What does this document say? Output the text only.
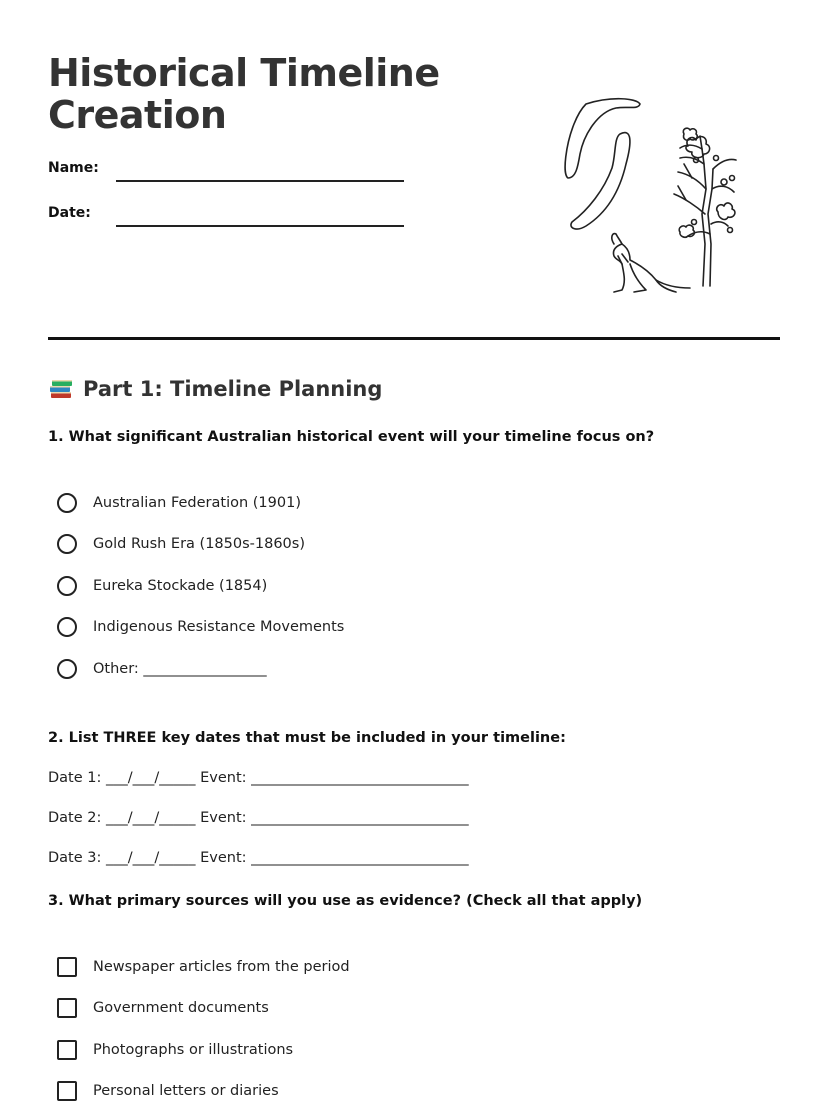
Historical Timeline Creation
Name:
Date:
Part 1: Timeline Planning
1. What significant Australian historical event will your timeline focus on?
Australian Federation (1901)
Gold Rush Era (1850s-1860s)
Eureka Stockade (1854)
Indigenous Resistance Movements
Other: _________________
2. List THREE key dates that must be included in your timeline:
Date 1: ___/___/_____ Event: ______________________________
Date 2: ___/___/_____ Event: ______________________________
Date 3: ___/___/_____ Event: ______________________________
3. What primary sources will you use as evidence? (Check all that apply)
Newspaper articles from the period
Government documents
Photographs or illustrations
Personal letters or diaries
